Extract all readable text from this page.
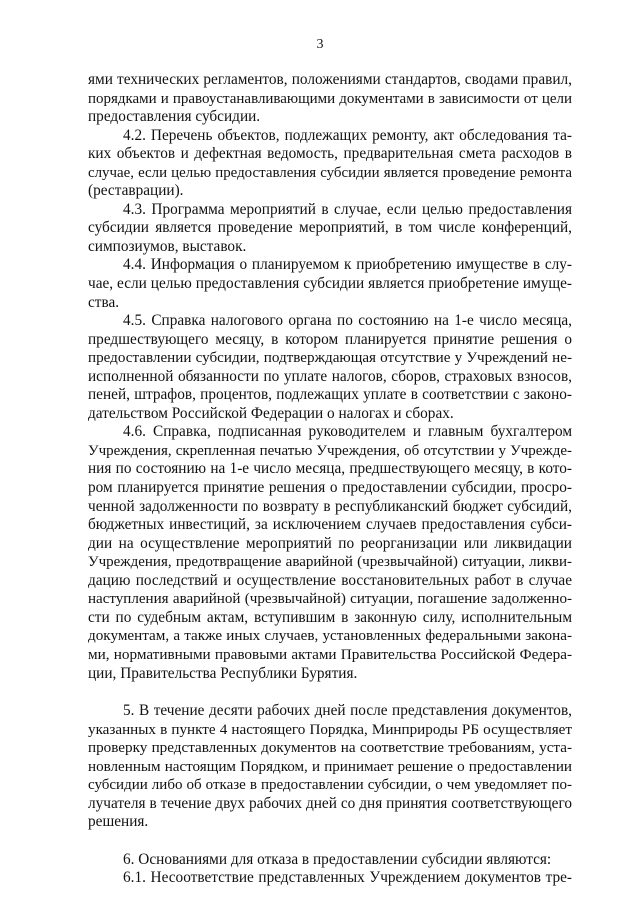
3
ями технических регламентов, положениями стандартов, сводами правил,
порядками и правоустанавливающими документами в зависимости от цели
предоставления субсидии.
4.2. Перечень объектов, подлежащих ремонту, акт обследования та-
ких объектов и дефектная ведомость, предварительная смета расходов в
случае, если целью предоставления субсидии является проведение ремонта
(реставрации).
4.3. Программа мероприятий в случае, если целью предоставления
субсидии является проведение мероприятий, в том числе конференций,
симпозиумов, выставок.
4.4. Информация о планируемом к приобретению имуществе в слу-
чае, если целью предоставления субсидии является приобретение имуще-
ства.
4.5. Справка налогового органа по состоянию на 1-е число месяца,
предшествующего месяцу, в котором планируется принятие решения о
предоставлении субсидии, подтверждающая отсутствие у Учреждений не-
исполненной обязанности по уплате налогов, сборов, страховых взносов,
пеней, штрафов, процентов, подлежащих уплате в соответствии с законо-
дательством Российской Федерации о налогах и сборах.
4.6. Справка, подписанная руководителем и главным бухгалтером
Учреждения, скрепленная печатью Учреждения, об отсутствии у Учрежде-
ния по состоянию на 1-е число месяца, предшествующего месяцу, в кото-
ром планируется принятие решения о предоставлении субсидии, просро-
ченной задолженности по возврату в республиканский бюджет субсидий,
бюджетных инвестиций, за исключением случаев предоставления субси-
дии на осуществление мероприятий по реорганизации или ликвидации
Учреждения, предотвращение аварийной (чрезвычайной) ситуации, ликви-
дацию последствий и осуществление восстановительных работ в случае
наступления аварийной (чрезвычайной) ситуации, погашение задолженно-
сти по судебным актам, вступившим в законную силу, исполнительным
документам, а также иных случаев, установленных федеральными закона-
ми, нормативными правовыми актами Правительства Российской Федера-
ции, Правительства Республики Бурятия.
5. В течение десяти рабочих дней после представления документов,
указанных в пункте 4 настоящего Порядка, Минприроды РБ осуществляет
проверку представленных документов на соответствие требованиям, уста-
новленным настоящим Порядком, и принимает решение о предоставлении
субсидии либо об отказе в предоставлении субсидии, о чем уведомляет по-
лучателя в течение двух рабочих дней со дня принятия соответствующего
решения.
6. Основаниями для отказа в предоставлении субсидии являются:
6.1. Несоответствие представленных Учреждением документов тре-
